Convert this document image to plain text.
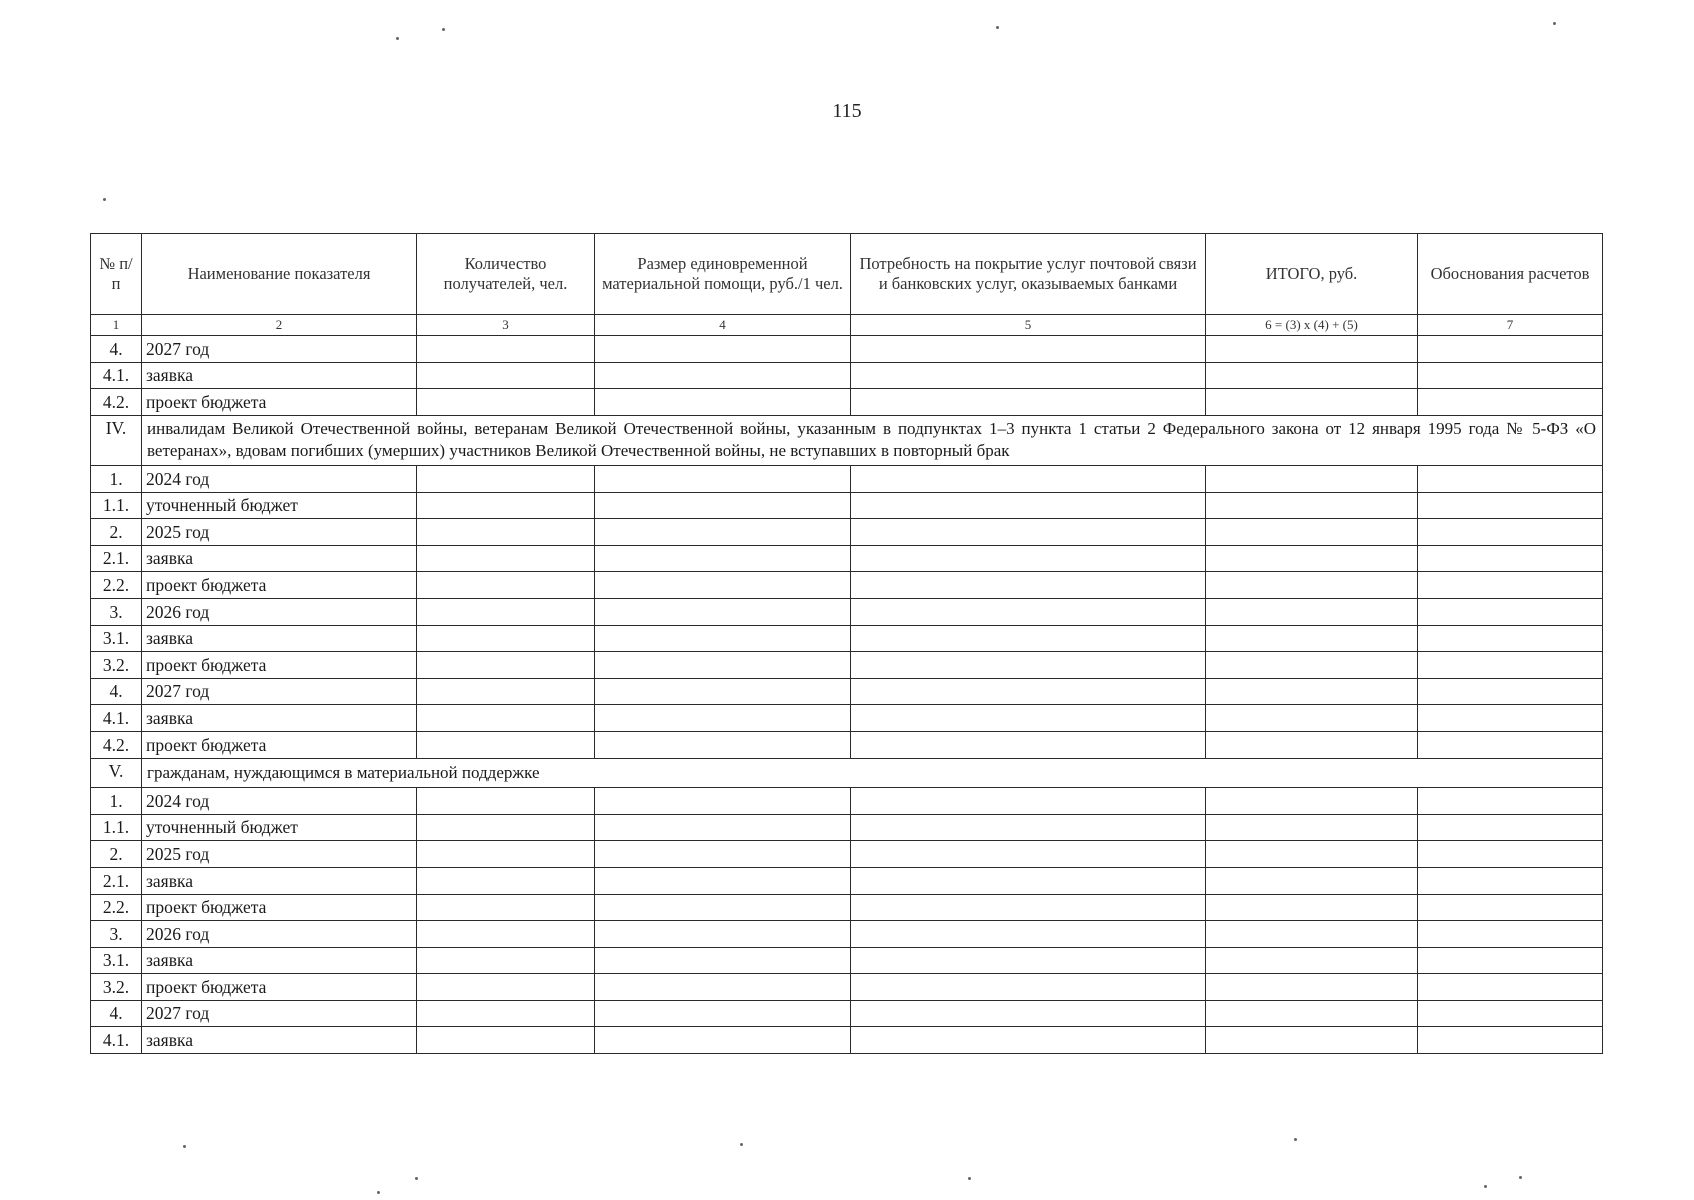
115
№ п/п	Наименование показателя	Количество получателей, чел.	Размер единовременной материальной помощи, руб./1 чел.	Потребность на покрытие услуг почтовой связи и банковских услуг, оказываемых банками	ИТОГО, руб.	Обоснования расчетов
1	2	3	4	5	6 = (3) x (4) + (5)	7
4.	2027 год					
4.1.	заявка					
4.2.	проект бюджета					
IV.	инвалидам Великой Отечественной войны, ветеранам Великой Отечественной войны, указанным в подпунктах 1–3 пункта 1 статьи 2 Федерального закона от 12 января 1995 года № 5-ФЗ «О ветеранах», вдовам погибших (умерших) участников Великой Отечественной войны, не вступавших в повторный брак					
1.	2024 год					
1.1.	уточненный бюджет					
2.	2025 год					
2.1.	заявка					
2.2.	проект бюджета					
3.	2026 год					
3.1.	заявка					
3.2.	проект бюджета					
4.	2027 год					
4.1.	заявка					
4.2.	проект бюджета					
V.	гражданам, нуждающимся в материальной поддержке					
1.	2024 год					
1.1.	уточненный бюджет					
2.	2025 год					
2.1.	заявка					
2.2.	проект бюджета					
3.	2026 год					
3.1.	заявка					
3.2.	проект бюджета					
4.	2027 год					
4.1.	заявка					
